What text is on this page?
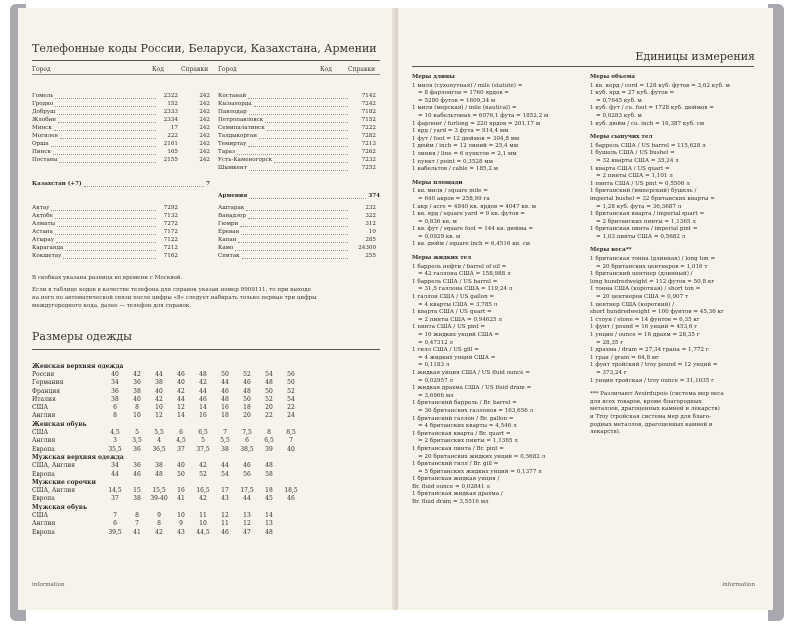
Телефонные коды России, Беларуси, Казахстана, Армении
Город	Код	Справки Город	Код	Справки
Гомель	2322	242
Гродно	152	242
Добруш	2333	242
Жлобин	2334	242
Минск	17	242
Могилев	222	242
Орша	2161	242
Пинск	165	242
Поставы	2155	242
Костанай	7142
Кызылорда	7242
Павлодар	7182
Петропавловск	7152
Семипалатинск	7222
Талдыкорган	7282
Темиртау	7213
Тараз	7262
Усть-Каменогорск	7232
Шымкент	7252
Казахстан (+7)	7
Армения	374
Актау	7292
Актобе	7132
Алматы	7272
Астана	7172
Атырау	7122
Караганда	7212
Кокшетау	7162
Аштарак	232
Ванадзор	322
Гюмри	312
Ереван	10
Капан	285
Камо	24300
Спитак	255
В скобках указана разница во времени с Москвой.
Если в таблице кодов в качестве телефона для справок указан номер 9909111, то при выходе
на него по автоматической связи после цифры «8» следует набирать только первые три цифры
междугородного кода, далее — телефон для справок.
Размеры одежды
Женская верхняя одежда
Россия	40	42	44	46	48	50	52	54	56
Германия	34	36	38	40	42	44	46	48	50
Франция	36	38	40	42	44	46	48	50	52
Италия	38	40	42	44	46	48	50	52	54
США	6	8	10	12	14	16	18	20	22
Англия	8	10	12	14	16	18	20	22	24
Женская обувь
США	4,5	5	5,5	6	6,5	7	7,5	8	8,5
Англия	3	3,5	4	4,5	5	5,5	6	6,5	7
Европа	35,5	36	36,5	37	37,5	38	38,5	39	40
Мужская верхняя одежда
США, Англия	34	36	38	40	42	44	46	48
Европа	44	46	48	50	52	54	56	58
Мужские сорочки
США, Англия	14,5	15	15,5	16	16,5	17	17,5	18	18,5
Европа	37	38	39-40	41	42	43	44	45	46
Мужская обувь
США	7	8	9	10	11	12	13	14
Англия	6	7	8	9	10	11	12	13
Европа	39,5	41	42	43	44,5	46	47	48
information
Единицы измерения
Меры длины
1 миля (сухопутная) / mile (statute) =
= 8 фарлонгов = 1760 ярдов =
= 5280 футов = 1609,34 м
1 миля (морская) / mile (nautical) =
= 10 кабельтовых = 6076,1 фута = 1852,2 м
1 фарлонг / furlong = 220 ярдов = 201,17 м
1 ярд / yard = 3 фута = 914,4 мм
1 фут / foot = 12 дюймов = 304,8 мм
1 дюйм / inch = 12 линий = 25,4 мм
1 линия / line = 6 пунктов = 2,1 мм
1 пункт / point = 0,3528 мм
1 кабельтов / cable = 185,2 м
Меры площади
1 кв. миля / square mile =
= 640 акров = 258,99 га
1 акр / acre = 4840 кв. ярдов = 4047 кв. м
1 кв. ярд / square yard = 9 кв. футов =
= 0,836 кв. м
1 кв. фут / square foot = 144 кв. дюйма =
= 0,0929 кв. м
1 кв. дюйм / square inch = 6,4516 кв. см
Меры жидких тел
1 баррель нефти / barrel of oil =
= 42 галлона США = 158,988 л
1 баррель США / US barrel =
= 31,5 галлона США = 119,24 л
1 галлон США / US gallon =
= 4 кварты США = 3,785 л
1 кварта США / US quart =
= 2 пинты США = 0,94625 л
1 пинта США / US pint =
= 16 жидких унций США =
= 0,47312 л
1 гилл США / US gill =
= 4 жидких унций США =
= 0,1183 л
1 жидкая унция США / US fluid ounce =
= 0,02957 л
1 жидкая драхма США / US fluid dram =
= 3,6966 мл
1 британский баррель / Br. barrel =
= 36 британских галлонов = 163,656 л
1 британский галлон / Br. gallon =
= 4 британских кварты = 4,546 л
1 британская кварта / Br. quart =
= 2 британских пинты = 1,1365 л
1 британская пинта / Br. pint =
= 20 британских жидких унций = 0,5682 л
1 британский гилл / Br. gill =
= 5 британских жидких унций = 0,1377 л
1 британская жидкая унция /
Br. fluid ounce = 0,02841 л
1 британская жидкая драхма /
Br. fluid dram = 3,5516 мл
Меры объема
1 кв. корд / cord = 128 куб. футов = 3,62 куб. м
1 куб. ярд = 27 куб. футов =
= 0,7645 куб. м
1 куб. фут / cu. foot = 1728 куб. дюймов =
= 0,0283 куб. м
1 куб. дюйм / cu. inch = 16,387 куб. см
Меры сыпучих тел
1 баррель США / US barrel = 115,628 л
1 бушель США / US bushel =
= 32 кварты США = 35,24 л
1 кварта США / US quart =
= 2 пинты США = 1,101 л
1 пинта США / US pint = 0,5506 л
1 британский (имперский) бушель /
imperial bushel = 32 британских кварты =
= 1,28 куб. фута = 36,3687 л
1 британская кварта / imperial quart =
= 2 британских пинты = 1,1365 л
1 британская пинта / imperial pint =
= 1,03 пинты США = 0,5682 л
Меры веса**
1 британская тонна (длинная) / long ton =
= 20 британских центнеров = 1,016 т
1 британский центнер (длинный) /
long hundredweight = 112 футов = 50,8 кг
1 тонна США (короткая) / short ton =
= 20 центнеров США = 0,907 т
1 центнер США (короткий) /
short hundredweight = 100 фунтов = 45,36 кг
1 стоун / stone = 14 фунтов = 6,35 кг
1 фунт / pound = 16 унций = 453,6 г
1 унция / ounce = 16 драхм = 28,35 г
= 28,35 г
1 драхма / dram = 27,34 грана = 1,772 г
1 гран / grain = 64,8 мг
1 фунт тройский / troy pound = 12 унций =
= 373,24 г
1 унция тройская / troy ounce = 31,1035 г
*** Различают Avoirdupois (система мер веса
для всех товаров, кроме благородных
металлов, драгоценных камней и лекарств)
и Troy (тройская система мер для благо-
родных металлов, драгоценных камней и
лекарств).
information
